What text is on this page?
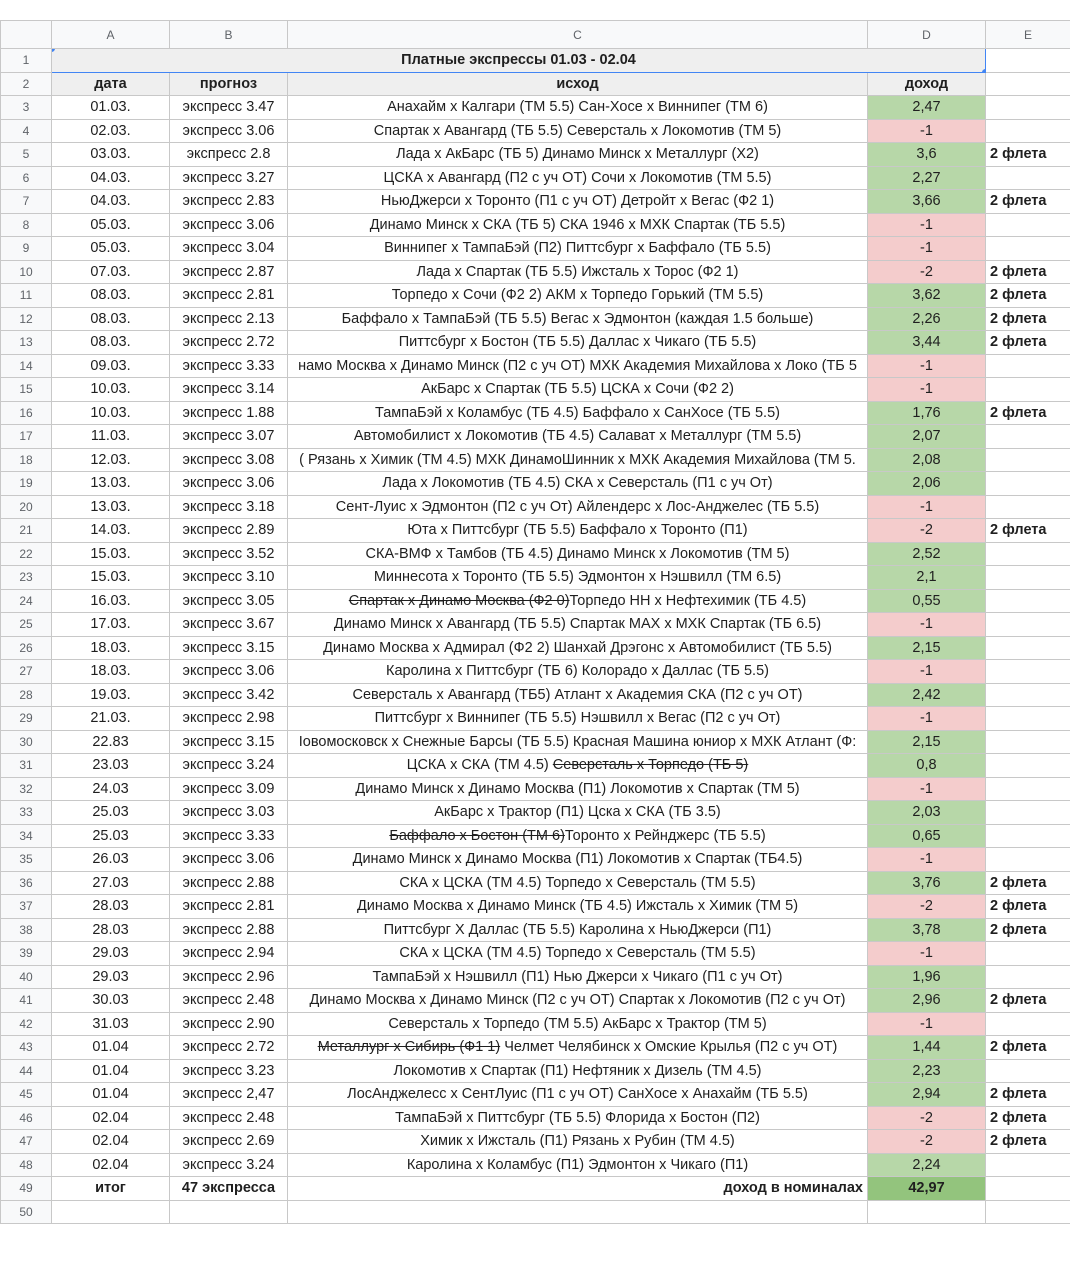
	A	B	C	D	E
1	Платные экспрессы 01.03 - 02.04			

2	дата	прогноз	исход	доход	
3	01.03.	экспресс 3.47	Анахайм х Калгари (ТМ 5.5) Сан-Хосе х Виннипег (ТМ 6)	2,47	
4	02.03.	экспресс 3.06	Спартак х Авангард (ТБ 5.5) Северсталь х Локомотив (ТМ 5)	-1	
5	03.03.	экспресс 2.8	Лада х АкБарс (ТБ 5) Динамо Минск х Металлург (Х2)	3,6	2 флета
6	04.03.	экспресс 3.27	ЦСКА х Авангард (П2 с уч ОТ) Сочи х Локомотив (ТМ 5.5)	2,27	
7	04.03.	экспресс 2.83	НьюДжерси х Торонто (П1 с уч ОТ) Детройт х Вегас (Ф2 1)	3,66	2 флета
8	05.03.	экспресс 3.06	Динамо Минск х СКА (ТБ 5) СКА 1946 х МХК Спартак (ТБ 5.5)	-1	
9	05.03.	экспресс 3.04	Виннипег х ТампаБэй (П2) Питтсбург х Баффало (ТБ 5.5)	-1	
10	07.03.	экспресс 2.87	Лада х Спартак (ТБ 5.5) Ижсталь х Торос (Ф2 1)	-2	2 флета
11	08.03.	экспресс 2.81	Торпедо х Сочи (Ф2 2) АКМ х Торпедо Горький (ТМ 5.5)	3,62	2 флета
12	08.03.	экспресс 2.13	Баффало х ТампаБэй (ТБ 5.5) Вегас х Эдмонтон (каждая 1.5 больше)	2,26	2 флета
13	08.03.	экспресс 2.72	Питтсбург х Бостон (ТБ 5.5) Даллас х Чикаго (ТБ 5.5)	3,44	2 флета
14	09.03.	экспресс 3.33	намо Москва х Динамо Минск (П2 с уч ОТ) МХК Академия Михайлова х Локо (ТБ 5	-1	
15	10.03.	экспресс 3.14	АкБарс х Спартак (ТБ 5.5) ЦСКА х Сочи (Ф2 2)	-1	
16	10.03.	экспресс 1.88	ТампаБэй х Коламбус (ТБ 4.5) Баффало х СанХосе (ТБ 5.5)	1,76	2 флета
17	11.03.	экспресс 3.07	Автомобилист х Локомотив (ТБ 4.5) Салават х Металлург (ТМ 5.5)	2,07	
18	12.03.	экспресс 3.08	( Рязань х Химик (ТМ 4.5) МХК ДинамоШинник х МХК Академия Михайлова (ТМ 5.	2,08	
19	13.03.	экспресс 3.06	Лада х Локомотив (ТБ 4.5) СКА х Северсталь (П1 с уч От)	2,06	
20	13.03.	экспресс 3.18	Сент-Луис х Эдмонтон (П2 с уч От) Айлендерс х Лос-Анджелес (ТБ 5.5)	-1	
21	14.03.	экспресс 2.89	Юта х Питтсбург (ТБ 5.5) Баффало х Торонто (П1)	-2	2 флета
22	15.03.	экспресс 3.52	СКА-ВМФ х Тамбов (ТБ 4.5) Динамо Минск х Локомотив (ТМ 5)	2,52	
23	15.03.	экспресс 3.10	Миннесота х Торонто (ТБ 5.5) Эдмонтон х Нэшвилл (ТМ 6.5)	2,1	
24	16.03.	экспресс 3.05	Спартак х Динамо Москва (Ф2 0)Торпедо НН х Нефтехимик (ТБ 4.5)	0,55	
25	17.03.	экспресс 3.67	Динамо Минск х Авангард (ТБ 5.5) Спартак МАХ х МХК Спартак (ТБ 6.5)	-1	
26	18.03.	экспресс 3.15	Динамо Москва х Адмирал (Ф2 2) Шанхай Дрэгонс х Автомобилист (ТБ 5.5)	2,15	
27	18.03.	экспресс 3.06	Каролина х Питтсбург (ТБ 6) Колорадо х Даллас (ТБ 5.5)	-1	
28	19.03.	экспресс 3.42	Северсталь х Авангард (ТБ5) Атлант х Академия СКА (П2 с уч ОТ)	2,42	
29	21.03.	экспресс 2.98	Питтсбург х Виннипег (ТБ 5.5) Нэшвилл х Вегас (П2 с уч От)	-1	
30	22.83	экспресс 3.15	Іовомосковск х Снежные Барсы (ТБ 5.5) Красная Машина юниор х МХК Атлант (Ф:	2,15	
31	23.03	экспресс 3.24	ЦСКА х СКА (ТМ 4.5) Северсталь х Торпедо (ТБ 5)	0,8	
32	24.03	экспресс 3.09	Динамо Минск х Динамо Москва (П1) Локомотив х Спартак (ТМ 5)	-1	
33	25.03	экспресс 3.03	АкБарс х Трактор (П1) Цска х СКА (ТБ 3.5)	2,03	
34	25.03	экспресс 3.33	Баффало х Бостон (ТМ 6)Торонто х Рейнджерс (ТБ 5.5)	0,65	
35	26.03	экспресс 3.06	Динамо Минск х Динамо Москва (П1) Локомотив х Спартак (ТБ4.5)	-1	
36	27.03	экспресс 2.88	СКА х ЦСКА (ТМ 4.5) Торпедо х Северсталь (ТМ 5.5)	3,76	2 флета
37	28.03	экспресс 2.81	Динамо Москва х Динамо Минск (ТБ 4.5) Ижсталь х Химик (ТМ 5)	-2	2 флета
38	28.03	экспресс 2.88	Питтсбург Х Даллас (ТБ 5.5) Каролина х НьюДжерси (П1)	3,78	2 флета
39	29.03	экспресс 2.94	СКА х ЦСКА (ТМ 4.5) Торпедо х Северсталь (ТМ 5.5)	-1	
40	29.03	экспресс 2.96	ТампаБэй х Нэшвилл (П1) Нью Джерси х Чикаго (П1 с уч От)	1,96	
41	30.03	экспресс 2.48	Динамо Москва х Динамо Минск (П2 с уч ОТ) Спартак х Локомотив (П2 с уч От)	2,96	2 флета
42	31.03	экспресс 2.90	Северсталь х Торпедо (ТМ 5.5) АкБарс х Трактор (ТМ 5)	-1	
43	01.04	экспресс 2.72	Металлург х Сибирь (Ф1 1) Челмет Челябинск х Омские Крылья (П2 с уч ОТ)	1,44	2 флета
44	01.04	экспресс 3.23	Локомотив х Спартак (П1) Нефтяник х Дизель (ТМ 4.5)	2,23	
45	01.04	экспресс 2,47	ЛосАнджелесс х СентЛуис (П1 с уч ОТ) СанХосе х Анахайм (ТБ 5.5)	2,94	2 флета
46	02.04	экспресс 2.48	ТампаБэй х Питтсбург (ТБ 5.5) Флорида х Бостон (П2)	-2	2 флета
47	02.04	экспресс 2.69	Химик х Ижсталь (П1) Рязань х Рубин (ТМ 4.5)	-2	2 флета
48	02.04	экспресс 3.24	Каролина х Коламбус (П1) Эдмонтон х Чикаго (П1)	2,24	
49	итог	47 экспресса	доход в номиналах	42,97	
50					
